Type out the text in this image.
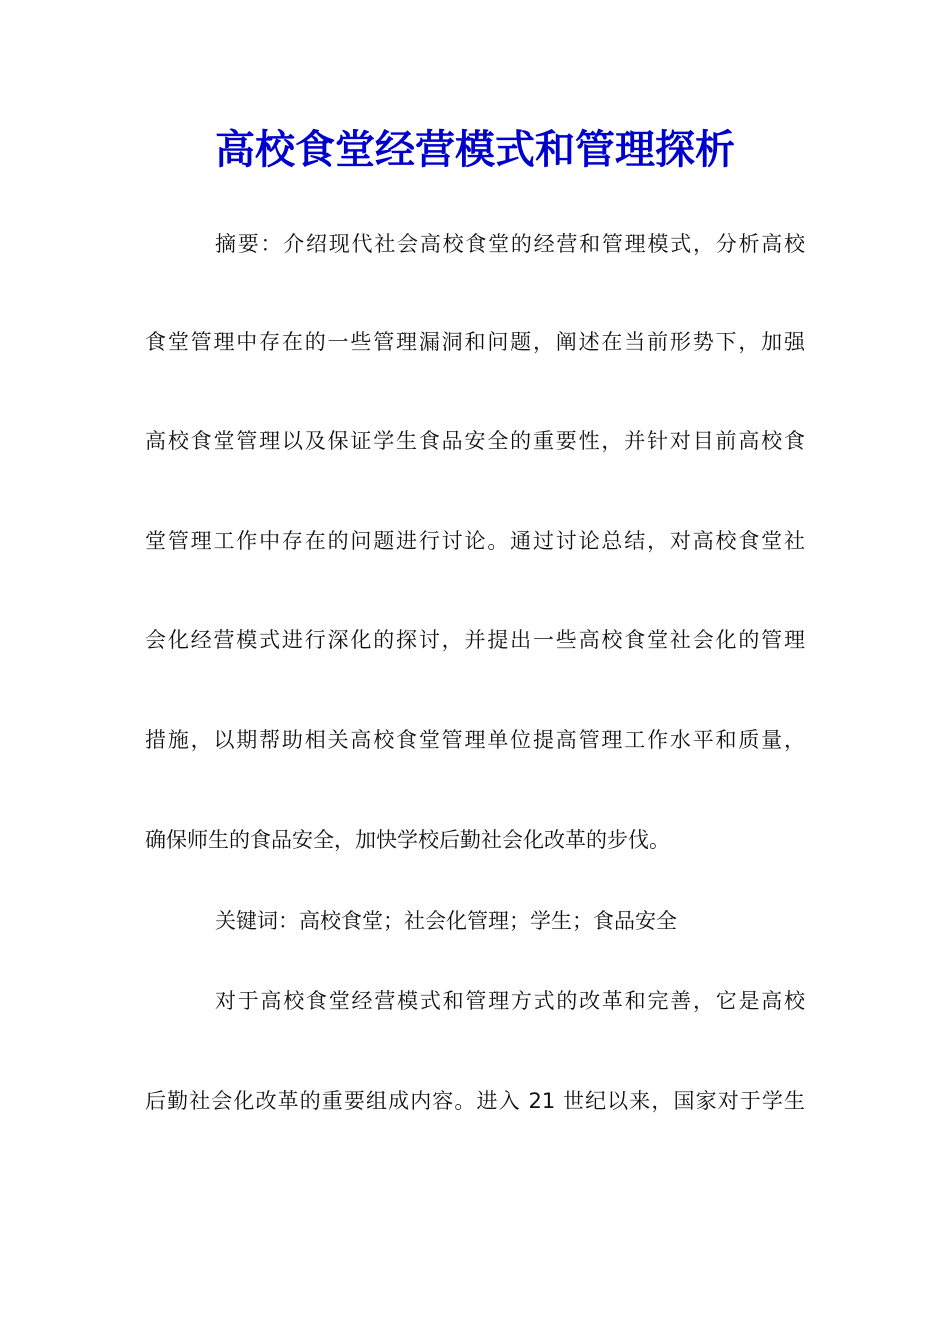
高校食堂经营模式和管理探析
摘要：介绍现代社会高校食堂的经营和管理模式，分析高校
食堂管理中存在的一些管理漏洞和问题，阐述在当前形势下，加强
高校食堂管理以及保证学生食品安全的重要性，并针对目前高校食
堂管理工作中存在的问题进行讨论。通过讨论总结，对高校食堂社
会化经营模式进行深化的探讨，并提出一些高校食堂社会化的管理
措施，以期帮助相关高校食堂管理单位提高管理工作水平和质量，
确保师生的食品安全，加快学校后勤社会化改革的步伐。
关键词：高校食堂；社会化管理；学生；食品安全
对于高校食堂经营模式和管理方式的改革和完善，它是高校
后勤社会化改革的重要组成内容。进入 21 世纪以来，国家对于学生
